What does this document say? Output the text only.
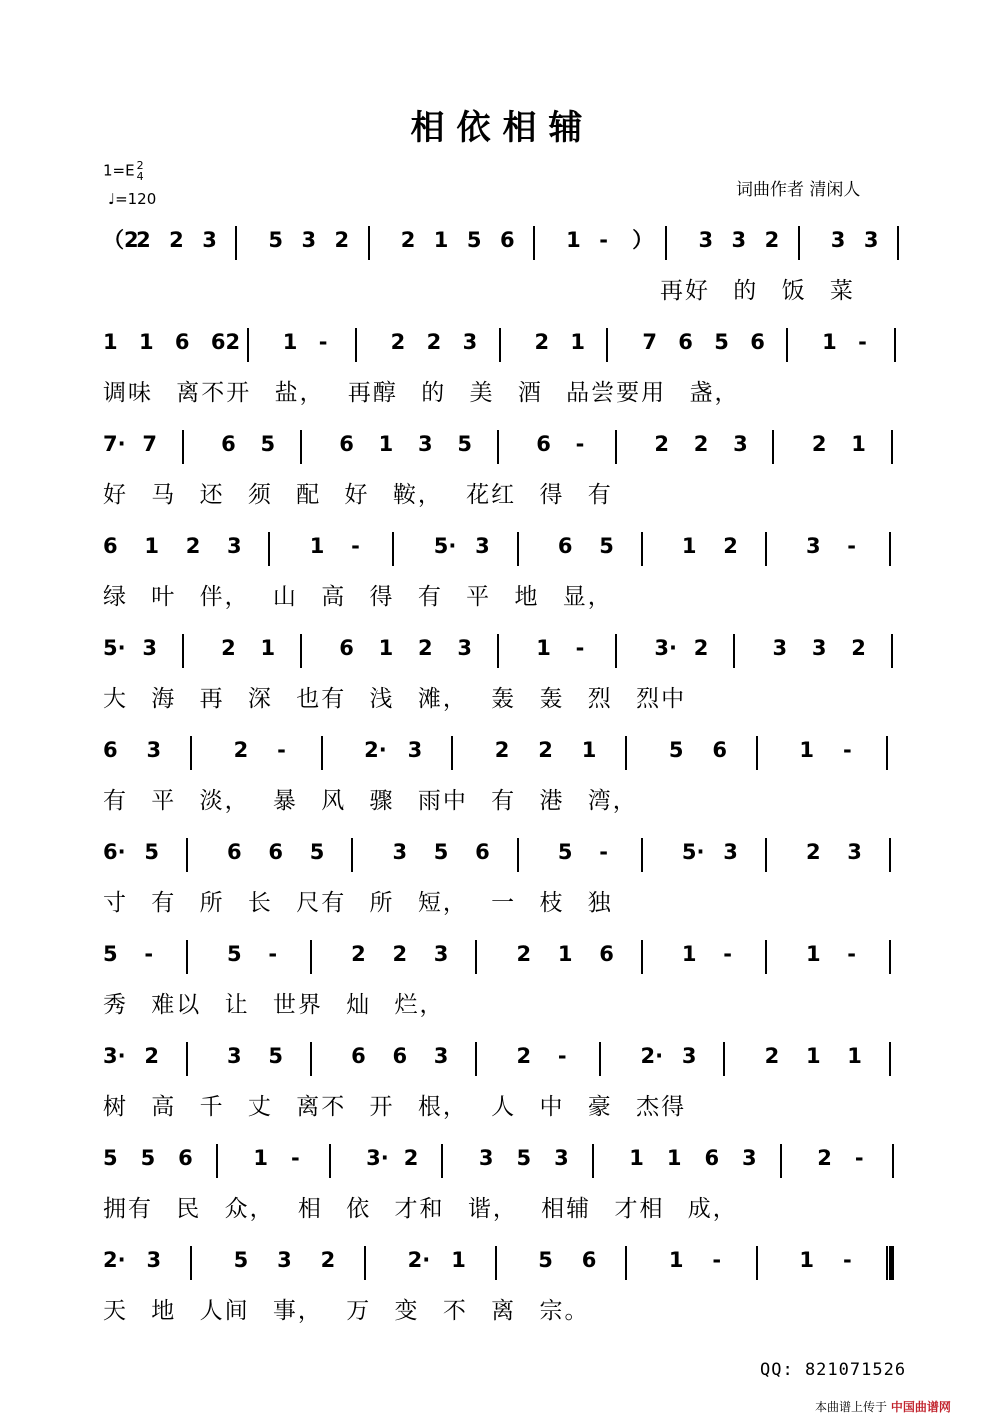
相依相辅
1=E 2
4
♩=120	词曲作者 清闲人
（2
2 2 3 5 3 2 2 1 5 6 1 - ） 3 3 2 3 3
再好 的 饭 菜
1 1 6 62 1 -	2 2 3	2 1	7 6 5 6	1 -
调味 离不开 盐， 再醇 的 美 酒 品尝要用 盏，
7· 7	6 5	6 1 3 5	6 -	2 2 3	2 1
好 马 还 须 配 好 鞍， 花红 得 有
6 1 2 3	1 -	5· 3	6 5	1 2	3 -
绿 叶 伴， 山 高 得 有 平 地 显，
5· 3	2 1	6 1 2 3	1 -	3· 2	3 3 2
大 海 再 深 也有 浅 滩， 轰 轰 烈 烈中
6 3	2 -	2· 3	2 2 1	5 6	1 -
有 平 淡， 暴 风 骤 雨中 有 港 湾，
6· 5	6 6 5	3 5 6	5 -	5· 3	2 3
寸 有 所 长 尺有 所 短， 一 枝 独
5 -	5 -	2 2 3	2 1 6	1 -	1 -
秀 难以 让 世界 灿 烂，
3· 2	3 5	6 6 3	2 -	2· 3	2 1 1
树 高 千 丈 离不 开 根， 人 中 豪 杰得
5 5 6	1 -	3· 2	3 5 3	1 1 6 3	2 -
拥有 民 众， 相 依 才和 谐， 相辅 才相 成，
2· 3	5 3 2	2· 1	5 6	1 -	1 -
天 地 人间 事， 万 变 不 离 宗。
QQ: 821071526
本曲谱上传于 中国曲谱网
